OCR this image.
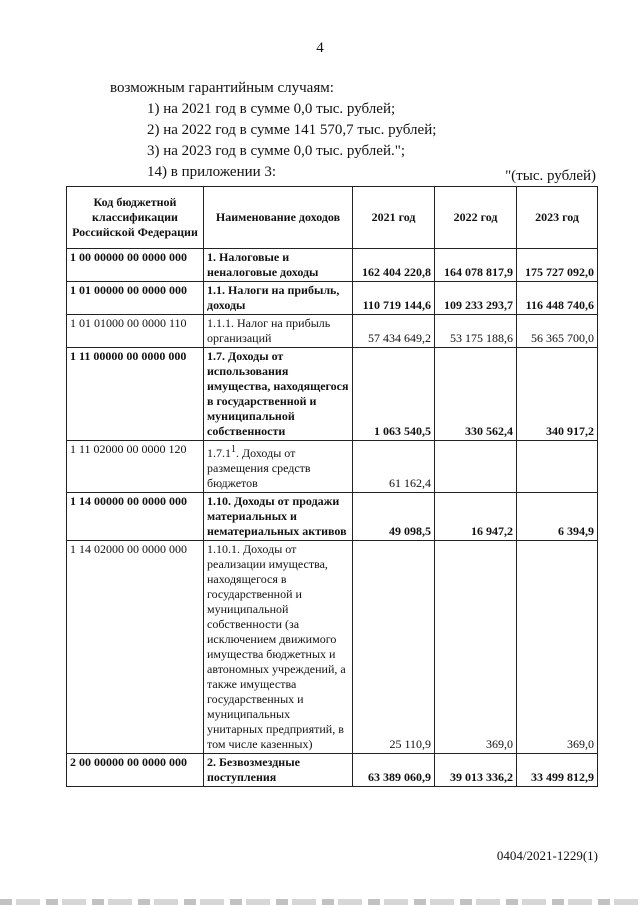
4
возможным гарантийным случаям:
1) на 2021 год в сумме 0,0 тыс. рублей;
2) на 2022 год в сумме 141 570,7 тыс. рублей;
3) на 2023 год в сумме 0,0 тыс. рублей.";
14) в приложении 3:	"(тыс. рублей)
Код бюджетной классификации Российской Федерации	Наименование доходов	2021 год	2022 год	2023 год
1 00 00000 00 0000 000	1. Налоговые и неналоговые доходы	162 404 220,8	164 078 817,9	175 727 092,0
1 01 00000 00 0000 000	1.1. Налоги на прибыль, доходы	110 719 144,6	109 233 293,7	116 448 740,6
1 01 01000 00 0000 110	1.1.1. Налог на прибыль организаций	57 434 649,2	53 175 188,6	56 365 700,0
1 11 00000 00 0000 000	1.7. Доходы от использования имущества, находящегося в государственной и муниципальной собственности	1 063 540,5	330 562,4	340 917,2
1 11 02000 00 0000 120	1.7.1$^1$. Доходы от размещения средств бюджетов	61 162,4		
1 14 00000 00 0000 000	1.10. Доходы от продажи материальных и нематериальных активов	49 098,5	16 947,2	6 394,9
1 14 02000 00 0000 000	1.10.1. Доходы от реализации имущества, находящегося в государственной и муниципальной собственности (за исключением движимого имущества бюджетных и автономных учреждений, а также имущества государственных и муниципальных унитарных предприятий, в том числе казенных)	25 110,9	369,0	369,0
2 00 00000 00 0000 000	2. Безвозмездные поступления	63 389 060,9	39 013 336,2	33 499 812,9
0404/2021-1229(1)
